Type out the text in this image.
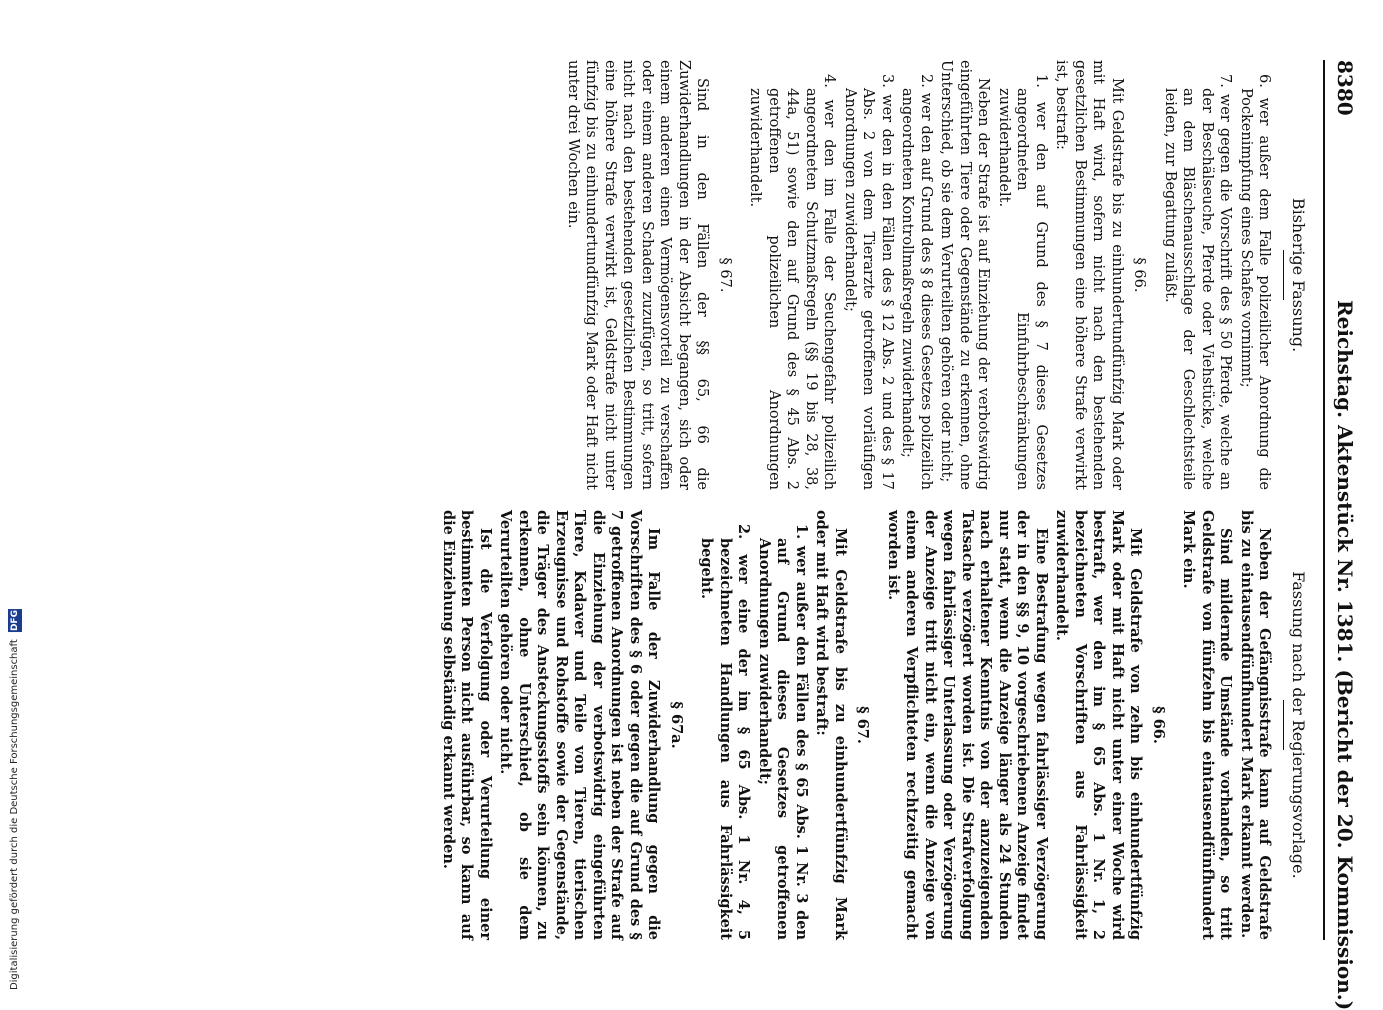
8380
Reichstag. Aktenstück Nr. 1381. (Bericht der 20. Kommission.)
Bisherige Fassung.
6. wer außer dem Falle polizeilicher Anordnung die Pockenimpfung eines Schafes vornimmt;
7. wer gegen die Vorschrift des § 50 Pferde, welche an der Beschälseuche, Pferde oder Viehstücke, welche an dem Bläschenausschlage der Geschlechtsteile leiden, zur Begattung zuläßt.
§ 66.

Mit Geldstrafe bis zu einhundertundfünfzig Mark oder mit Haft wird, sofern nicht nach den bestehenden gesetzlichen Bestimmungen eine höhere Strafe verwirkt ist, bestraft:

1. wer den auf Grund des § 7 dieses Gesetzes angeordneten Einfuhrbeschränkungen zuwiderhandelt.

Neben der Strafe ist auf Einziehung der verbotswidrig eingeführten Tiere oder Gegenstände zu erkennen, ohne Unterschied, ob sie dem Verurteilten gehören oder nicht;

2. wer den auf Grund des § 8 dieses Gesetzes polizeilich angeordneten Kontrollmaßregeln zuwiderhandelt;
3. wer den in den Fällen des § 12 Abs. 2 und des § 17 Abs. 2 von dem Tierarzte getroffenen vorläufigen Anordnungen zuwiderhandelt;
4. wer den im Falle der Seuchengefahr polizeilich angeordneten Schutzmaßregeln (§§ 19 bis 28, 38, 44a, 51) sowie den auf Grund des § 45 Abs. 2 getroffenen polizeilichen Anordnungen zuwiderhandelt.
§ 67.

Sind in den Fällen der §§ 65, 66 die Zuwiderhandlungen in der Absicht begangen, sich oder einem anderen einen Vermögensvorteil zu verschaffen oder einem anderen Schaden zuzufügen, so tritt, sofern nicht nach den bestehenden gesetzlichen Bestimmungen eine höhere Strafe verwirkt ist, Geldstrafe nicht unter fünfzig bis zu einhundertundfünfzig Mark oder Haft nicht unter drei Wochen ein.

Fassung nach der Regierungsvorlage.

Neben der Gefängnisstrafe kann auf Geldstrafe bis zu eintausendfünfhundert Mark erkannt werden.

Sind mildernde Umstände vorhanden, so tritt Geldstrafe von fünfzehn bis eintausendfünfhundert Mark ein.

§ 66.

Mit Geldstrafe von zehn bis einhundertfünfzig Mark oder mit Haft nicht unter einer Woche wird bestraft, wer den im § 65 Abs. 1 Nr. 1, 2 bezeichneten Vorschriften aus Fahrlässigkeit zuwiderhandelt.

Eine Bestrafung wegen fahrlässiger Verzögerung der in den §§ 9, 10 vorgeschriebenen Anzeige findet nur statt, wenn die Anzeige länger als 24 Stunden nach erhaltener Kenntnis von der anzuzeigenden Tatsache verzögert worden ist. Die Strafverfolgung wegen fahrlässiger Unterlassung oder Verzögerung der Anzeige tritt nicht ein, wenn die Anzeige von einem anderen Verpflichteten rechtzeitig gemacht worden ist.

§ 67.

Mit Geldstrafe bis zu einhundertfünfzig Mark oder mit Haft wird bestraft:

1. wer außer den Fällen des § 65 Abs. 1 Nr. 3 den auf Grund dieses Gesetzes getroffenen Anordnungen zuwiderhandelt;
2. wer eine der im § 65 Abs. 1 Nr. 4, 5 bezeichneten Handlungen aus Fahrlässigkeit begeht.
§ 67a.

Im Falle der Zuwiderhandlung gegen die Vorschriften des § 6 oder gegen die auf Grund des § 7 getroffenen Anordnungen ist neben der Strafe auf die Einziehung der verbotswidrig eingeführten Tiere, Kadaver und Teile von Tieren, tierischen Erzeugnisse und Rohstoffe sowie der Gegenstände, die Träger des Ansteckungsstoffs sein können, zu erkennen, ohne Unterschied, ob sie dem Verurteilten gehören oder nicht.

Ist die Verfolgung oder Verurteilung einer bestimmten Person nicht ausführbar, so kann auf die Einziehung selbständig erkannt werden.

Digitalisierung gefördert durch die Deutsche Forschungsgemeinschaft DFG
